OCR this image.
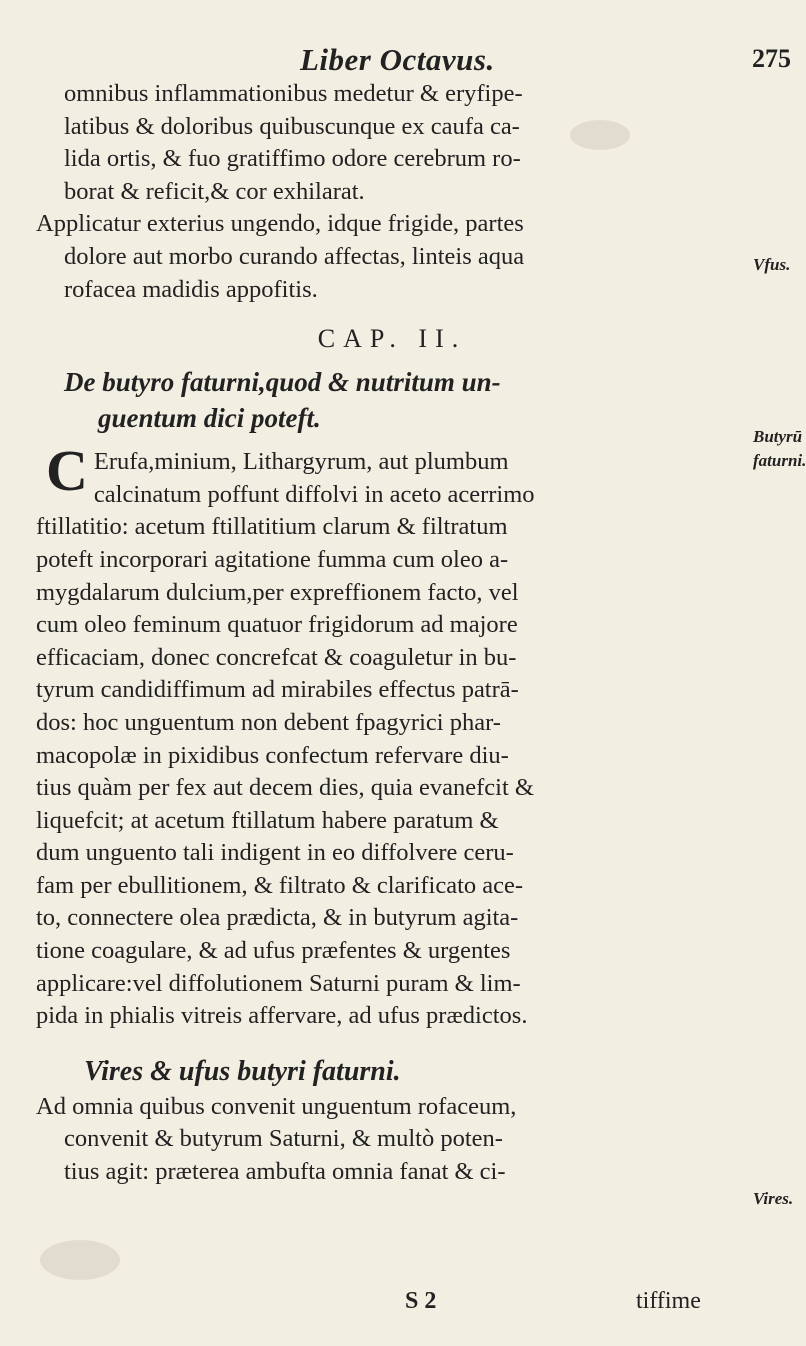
Liber Octavus.	275
omnibus inflammationibus medetur & eryfipe-
latibus & doloribus quibuscunque ex caufa ca-
lida ortis, & fuo gratiffimo odore cerebrum ro-
borat & reficit,& cor exhilarat.
Applicatur exterius ungendo, idque frigide, partes
dolore aut morbo curando affectas, linteis aqua
rofacea madidis appofitis.
CAP. II.
De butyro faturni,quod & nutritum un-
guentum dici poteft.
C Erufa,minium, Lithargyrum, aut plumbum
calcinatum poffunt diffolvi in aceto acerrimo
ftillatitio: acetum ftillatitium clarum & filtratum
poteft incorporari agitatione fumma cum oleo a-
mygdalarum dulcium,per expreffionem facto, vel
cum oleo feminum quatuor frigidorum ad majore
efficaciam, donec concrefcat & coaguletur in bu-
tyrum candidiffimum ad mirabiles effectus patrā-
dos: hoc unguentum non debent fpagyrici phar-
macopolæ in pixidibus confectum refervare diu-
tius quàm per fex aut decem dies, quia evanefcit &
liquefcit; at acetum ftillatum habere paratum &
dum unguento tali indigent in eo diffolvere ceru-
fam per ebullitionem, & filtrato & clarificato ace-
to, connectere olea prædicta, & in butyrum agita-
tione coagulare, & ad ufus præfentes & urgentes
applicare:vel diffolutionem Saturni puram & lim-
pida in phialis vitreis affervare, ad ufus prædictos.
Vires & ufus butyri faturni.
Ad omnia quibus convenit unguentum rofaceum,
convenit & butyrum Saturni, & multò poten-
tius agit: præterea ambufta omnia fanat & ci-
Vfus.
Butyrū
faturni.
Vires.
S 2	tiffime
